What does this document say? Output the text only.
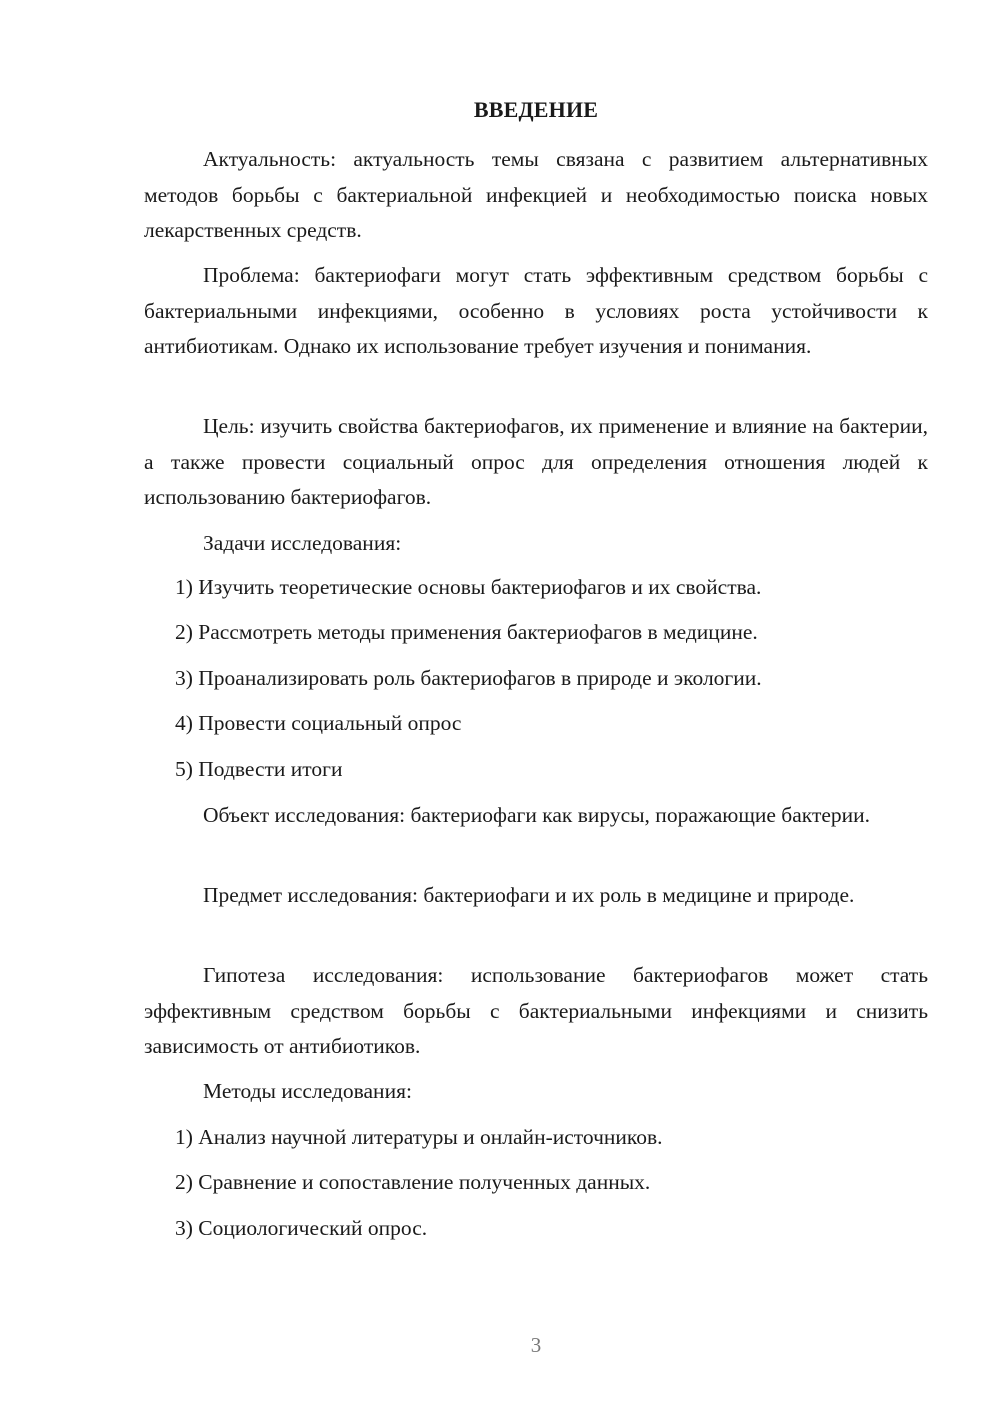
ВВЕДЕНИЕ

Актуальность: актуальность темы связана с развитием альтернативных методов борьбы с бактериальной инфекцией и необходимостью поиска новых лекарственных средств.

Проблема: бактериофаги могут стать эффективным средством борьбы с бактериальными инфекциями, особенно в условиях роста устойчивости к антибиотикам. Однако их использование требует изучения и понимания.

Цель: изучить свойства бактериофагов, их применение и влияние на бактерии, а также провести социальный опрос для определения отношения людей к использованию бактериофагов.

Задачи исследования:
1) Изучить теоретические основы бактериофагов и их свойства.
2) Рассмотреть методы применения бактериофагов в медицине.
3) Проанализировать роль бактериофагов в природе и экологии.
4) Провести социальный опрос
5) Подвести итоги

Объект исследования: бактериофаги как вирусы, поражающие бактерии.

Предмет исследования: бактериофаги и их роль в медицине и природе.

Гипотеза исследования: использование бактериофагов может стать эффективным средством борьбы с бактериальными инфекциями и снизить зависимость от антибиотиков.

Методы исследования:
1) Анализ научной литературы и онлайн-источников.
2) Сравнение и сопоставление полученных данных.
3) Социологический опрос.
3
